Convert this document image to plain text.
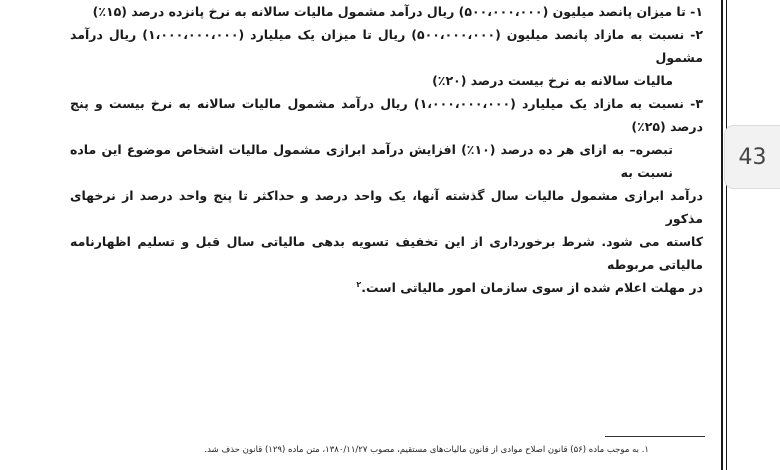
۱- تا میزان پانصد میلیون (۵۰۰،۰۰۰،۰۰۰) ریال درآمد مشمول مالیات سالانه به نرخ پانزده درصد (۱۵٪)

۲- نسبت به مازاد پانصد میلیون (۵۰۰،۰۰۰،۰۰۰) ریال تا میزان یک میلیارد (۱،۰۰۰،۰۰۰،۰۰۰) ریال درآمد مشمول

مالیات سالانه به نرخ بیست درصد (۲۰٪)

۳- نسبت به مازاد یک میلیارد (۱،۰۰۰،۰۰۰،۰۰۰) ریال درآمد مشمول مالیات سالانه به نرخ بیست و پنج درصد (۲۵٪)

تبصره– به ازای هر ده درصد (۱۰٪) افزایش درآمد ابرازی مشمول مالیات اشخاص موضوع این ماده نسبت به

درآمد ابرازی مشمول مالیات سال گذشته آنها، یک واحد درصد و حداکثر تا پنج واحد درصد از نرخهای مذکور

کاسته می شود. شرط برخورداری از این تخفیف تسویه بدهی مالیاتی سال قبل و تسلیم اظهارنامه مالیاتی مربوطه

در مهلت اعلام شده از سوی سازمان امور مالیاتی است.$^۲$

۱. به موجب ماده (۵۶) قانون اصلاح موادی از قانون مالیات‌های مستقیم، مصوب ۱۳۸۰/۱۱/۲۷، متن ماده (۱۲۹) قانون حذف شد.
43
